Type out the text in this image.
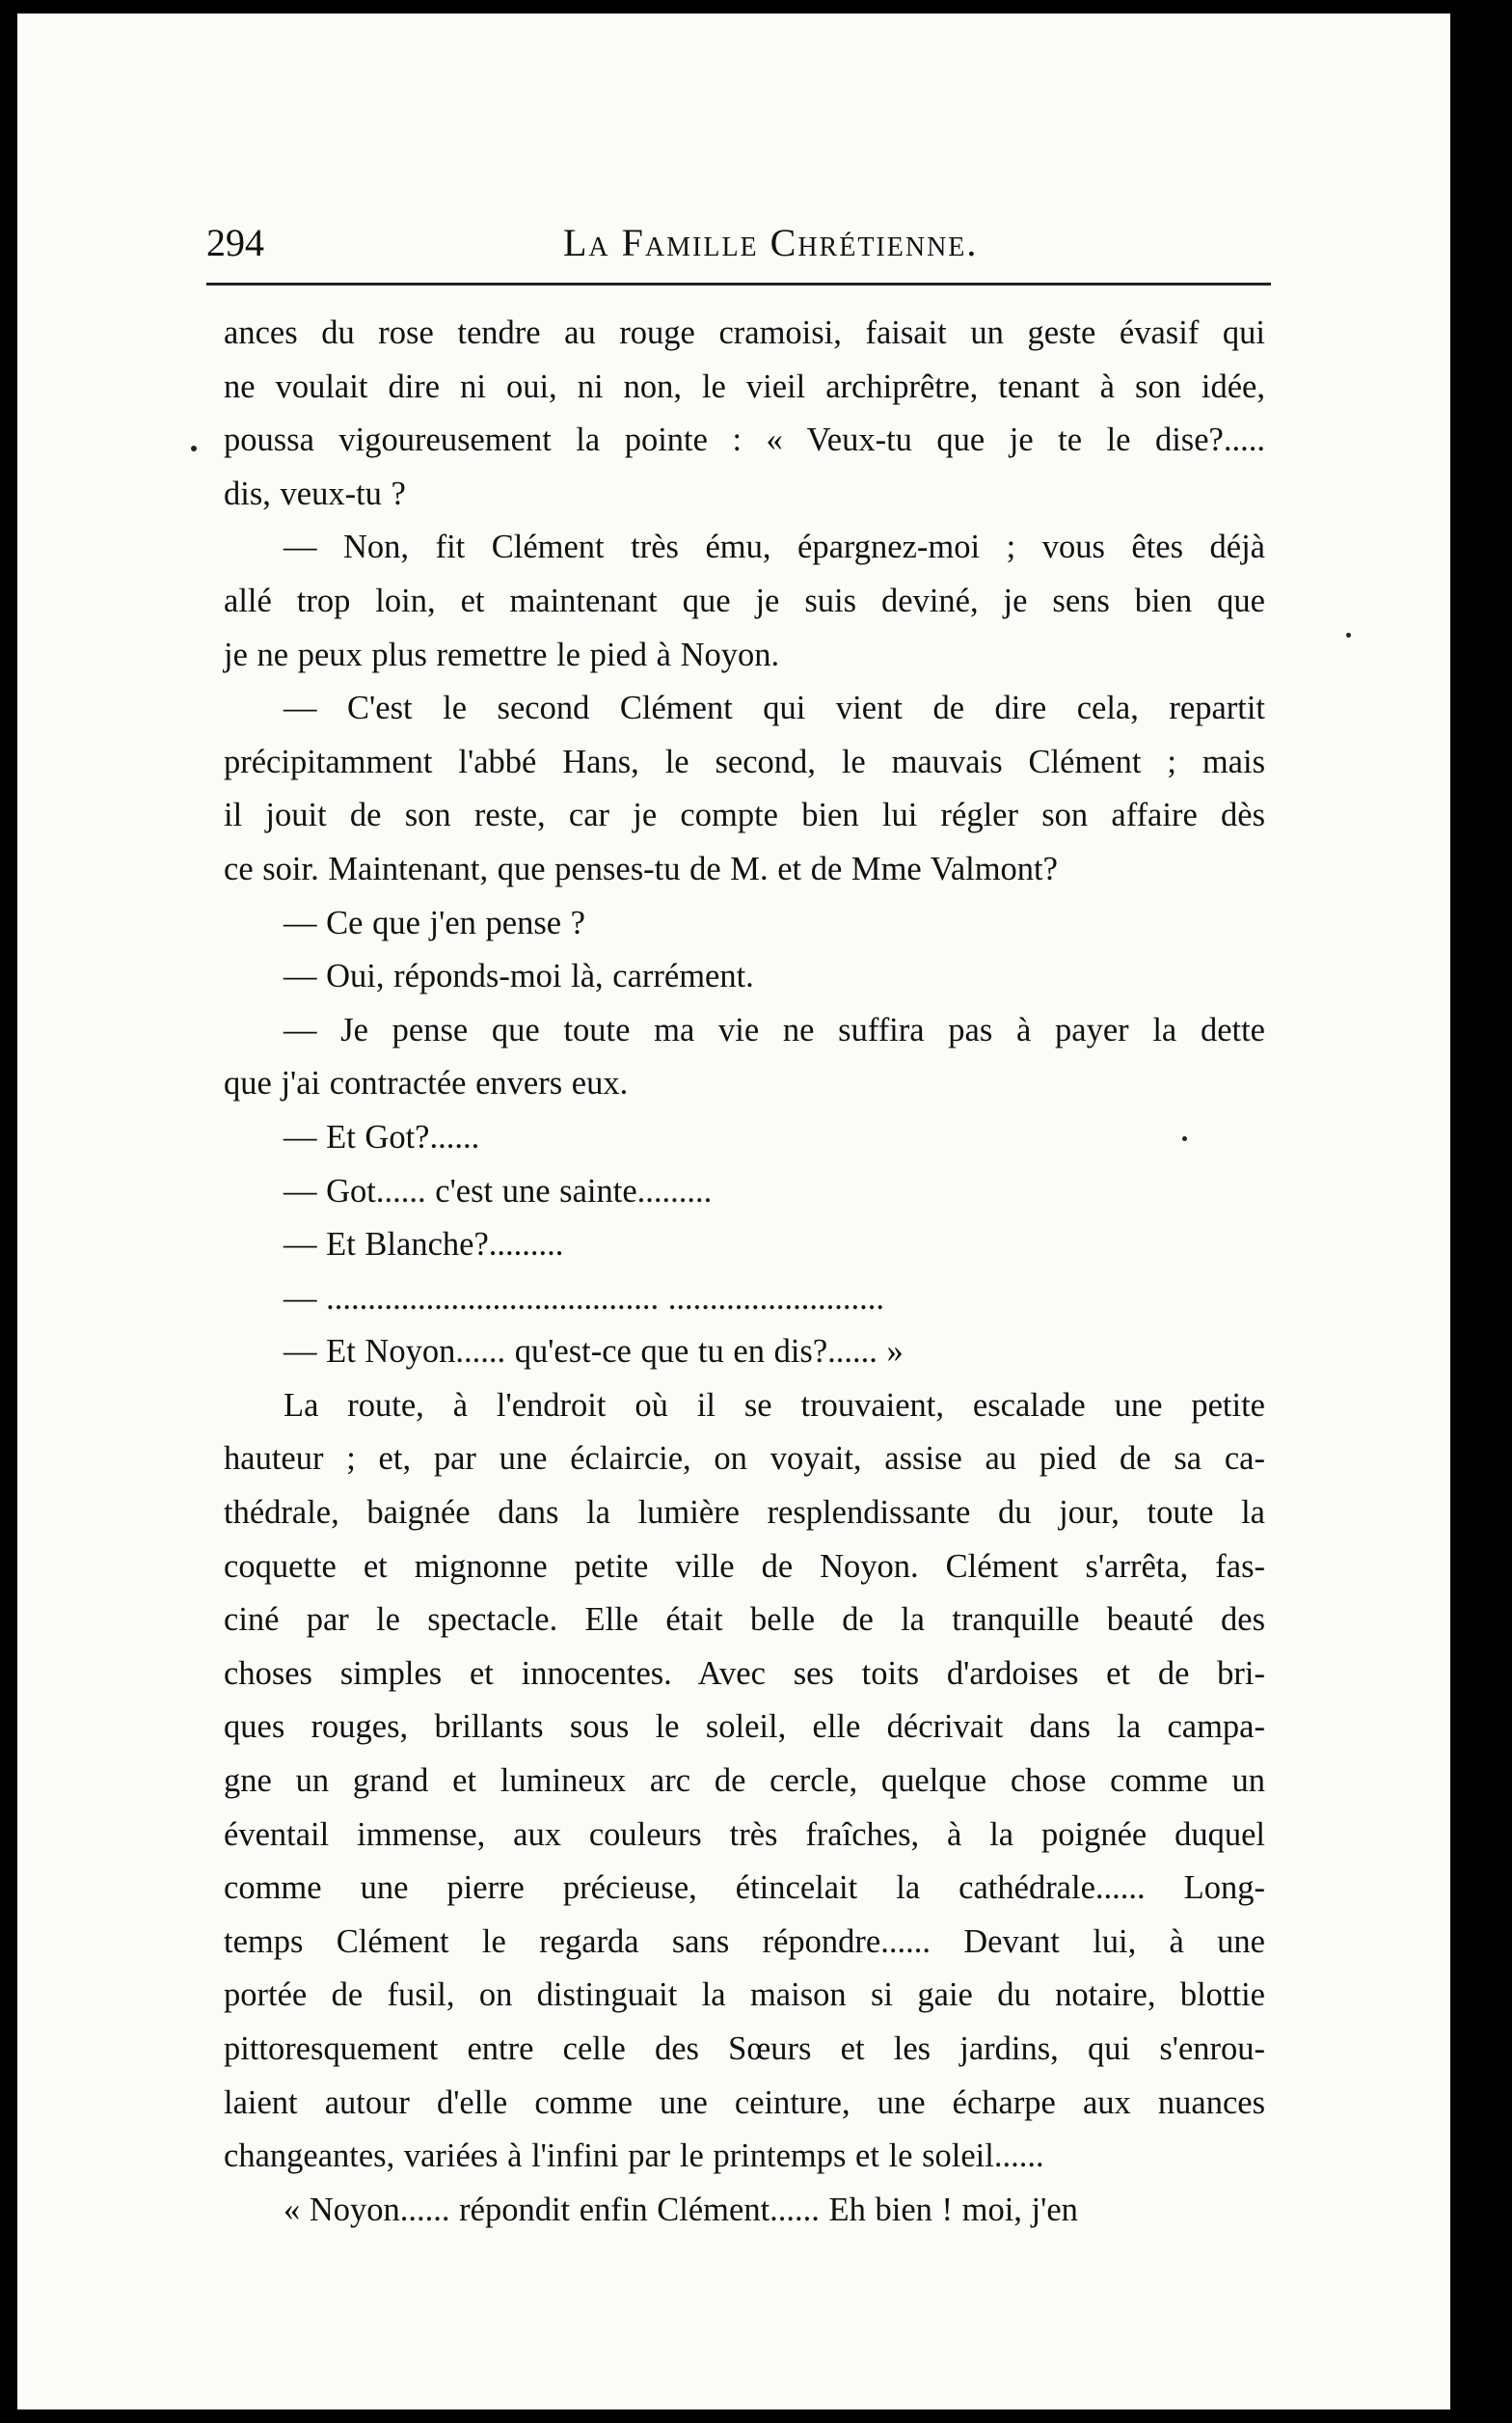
294	La Famille Chrétienne.

ances du rose tendre au rouge cramoisi, faisait un geste évasif qui
ne voulait dire ni oui, ni non, le vieil archiprêtre, tenant à son idée,
poussa vigoureusement la pointe : « Veux-tu que je te le dise?.....
dis, veux-tu ?

— Non, fit Clément très ému, épargnez-moi ; vous êtes déjà
allé trop loin, et maintenant que je suis deviné, je sens bien que
je ne peux plus remettre le pied à Noyon.

— C'est le second Clément qui vient de dire cela, repartit
précipitamment l'abbé Hans, le second, le mauvais Clément ; mais
il jouit de son reste, car je compte bien lui régler son affaire dès
ce soir. Maintenant, que penses-tu de M. et de Mme Valmont?

— Ce que j'en pense ?

— Oui, réponds-moi là, carrément.

— Je pense que toute ma vie ne suffira pas à payer la dette
que j'ai contractée envers eux.

— Et Got?......

— Got...... c'est une sainte.........

— Et Blanche?.........

— ........................................ ..........................

— Et Noyon...... qu'est-ce que tu en dis?...... »

La route, à l'endroit où il se trouvaient, escalade une petite
hauteur ; et, par une éclaircie, on voyait, assise au pied de sa ca-
thédrale, baignée dans la lumière resplendissante du jour, toute la
coquette et mignonne petite ville de Noyon. Clément s'arrêta, fas-
ciné par le spectacle. Elle était belle de la tranquille beauté des
choses simples et innocentes. Avec ses toits d'ardoises et de bri-
ques rouges, brillants sous le soleil, elle décrivait dans la campa-
gne un grand et lumineux arc de cercle, quelque chose comme un
éventail immense, aux couleurs très fraîches, à la poignée duquel
comme une pierre précieuse, étincelait la cathédrale...... Long-
temps Clément le regarda sans répondre...... Devant lui, à une
portée de fusil, on distinguait la maison si gaie du notaire, blottie
pittoresquement entre celle des Sœurs et les jardins, qui s'enrou-
laient autour d'elle comme une ceinture, une écharpe aux nuances
changeantes, variées à l'infini par le printemps et le soleil......

« Noyon...... répondit enfin Clément...... Eh bien ! moi, j'en
